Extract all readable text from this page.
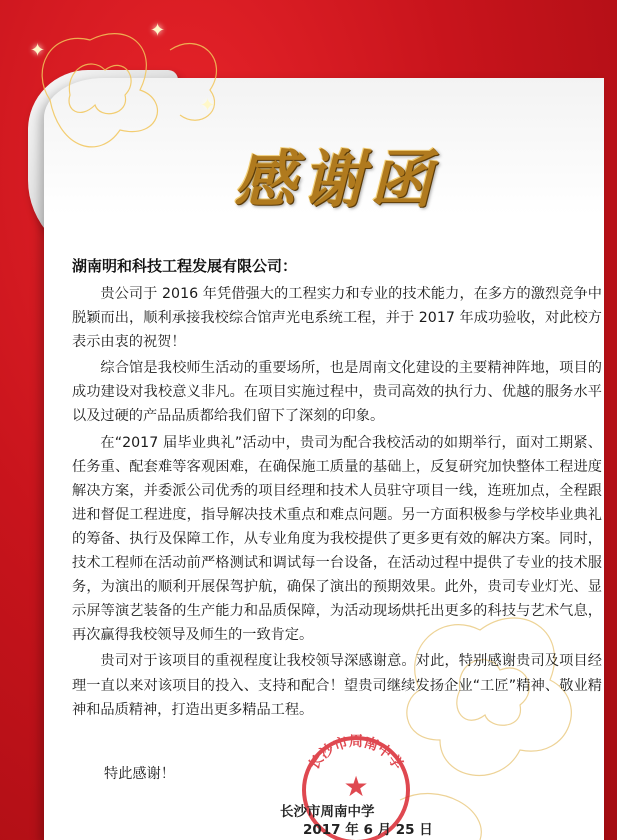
✦
✦
✦
感谢函
湖南明和科技工程发展有限公司：

贵公司于 2016 年凭借强大的工程实力和专业的技术能力，在多方的激烈竞争中脱颖而出，顺利承接我校综合馆声光电系统工程，并于 2017 年成功验收，对此校方表示由衷的祝贺！

综合馆是我校师生活动的重要场所，也是周南文化建设的主要精神阵地，项目的成功建设对我校意义非凡。在项目实施过程中，贵司高效的执行力、优越的服务水平以及过硬的产品品质都给我们留下了深刻的印象。

在“2017 届毕业典礼”活动中，贵司为配合我校活动的如期举行，面对工期紧、任务重、配套难等客观困难，在确保施工质量的基础上，反复研究加快整体工程进度解决方案，并委派公司优秀的项目经理和技术人员驻守项目一线，连班加点，全程跟进和督促工程进度，指导解决技术重点和难点问题。另一方面积极参与学校毕业典礼的筹备、执行及保障工作，从专业角度为我校提供了更多更有效的解决方案。同时，技术工程师在活动前严格测试和调试每一台设备，在活动过程中提供了专业的技术服务，为演出的顺利开展保驾护航，确保了演出的预期效果。此外，贵司专业灯光、显示屏等演艺装备的生产能力和品质保障，为活动现场烘托出更多的科技与艺术气息，再次赢得我校领导及师生的一致肯定。

贵司对于该项目的重视程度让我校领导深感谢意。对此，特别感谢贵司及项目经理一直以来对该项目的投入、支持和配合！望贵司继续发扬企业“工匠”精神、敬业精神和品质精神，打造出更多精品工程。

特此感谢！	★
长沙市周南中学
长沙市周南中学
2017 年 6 月 25 日
